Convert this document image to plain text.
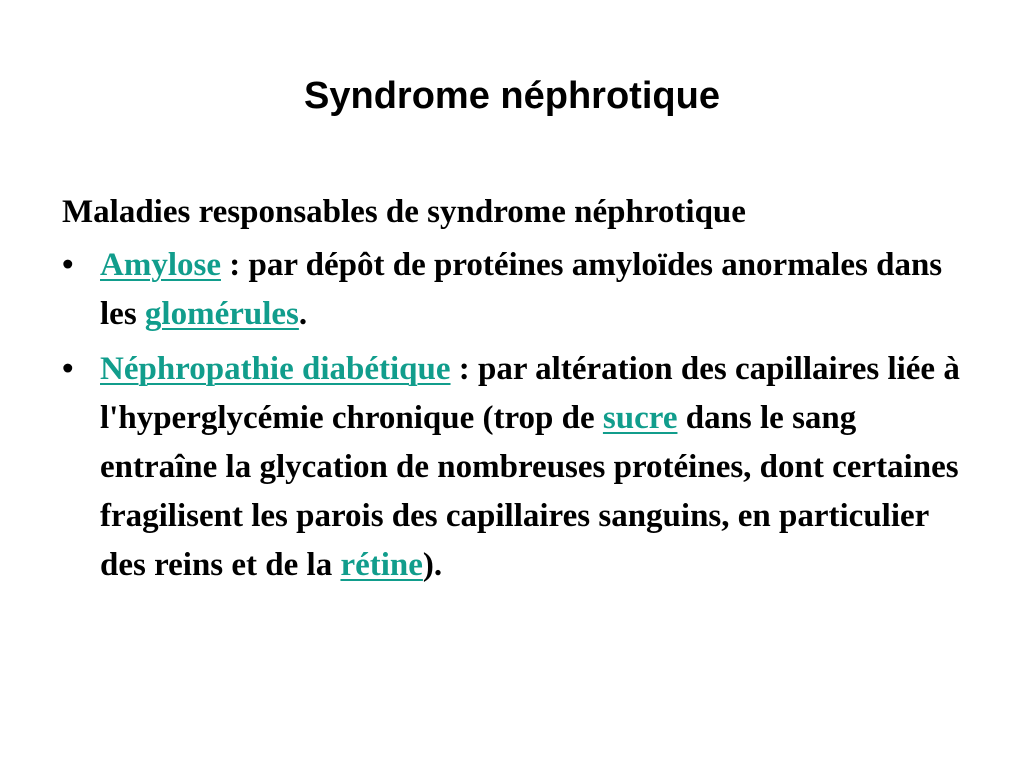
Syndrome néphrotique

Maladies responsables de syndrome néphrotique

• Amylose : par dépôt de protéines amyloïdes anormales dans les glomérules.
• Néphropathie diabétique : par altération des capillaires liée à l'hyperglycémie chronique (trop de sucre dans le sang entraîne la glycation de nombreuses protéines, dont certaines fragilisent les parois des capillaires sanguins, en particulier des reins et de la rétine).
